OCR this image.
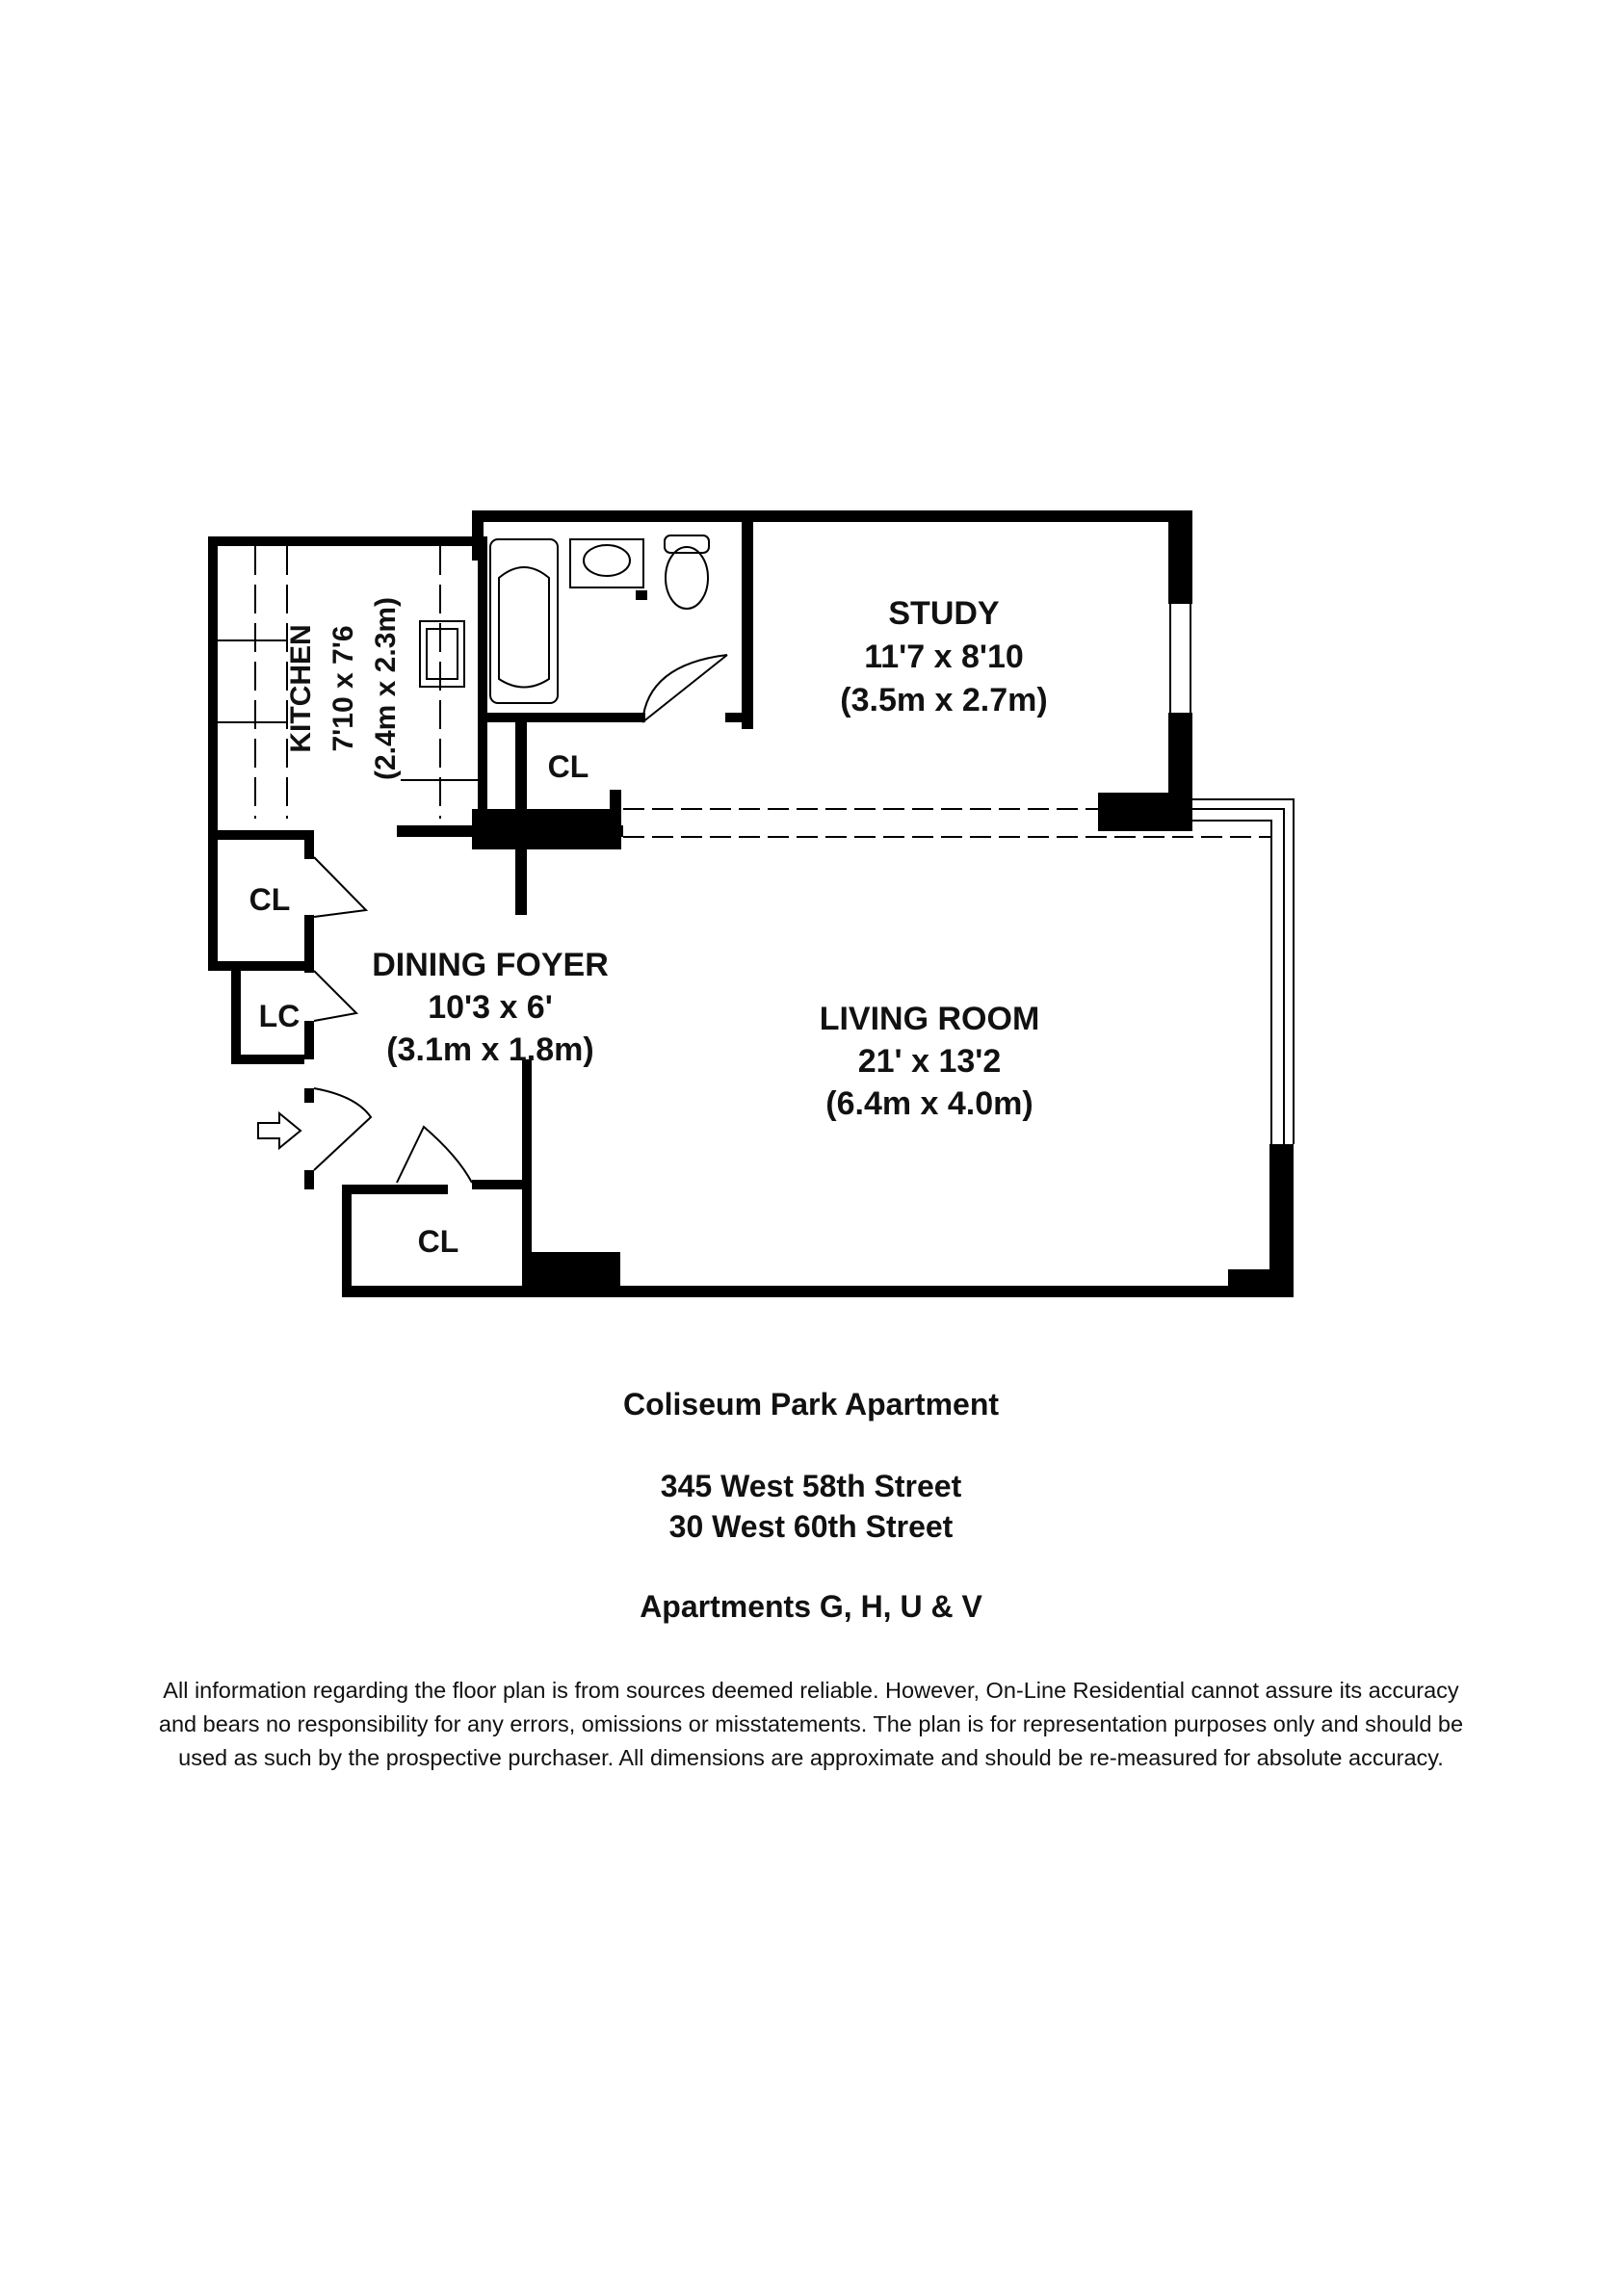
KITCHEN 7'10 x 7'6 (2.4m x 2.3m)	STUDY
11'7 x 8'10
(3.5m x 2.7m)
DINING FOYER
10'3 x 6'
(3.1m x 1.8m)
LIVING ROOM
21' x 13'2
(6.4m x 4.0m)
CL
CL
LC
CL
Coliseum Park Apartment
345 West 58th Street
30 West 60th Street
Apartments G, H, U & V
All information regarding the floor plan is from sources deemed reliable. However, On-Line Residential cannot assure its accuracy
and bears no responsibility for any errors, omissions or misstatements. The plan is for representation purposes only and should be
used as such by the prospective purchaser. All dimensions are approximate and should be re-measured for absolute accuracy.
